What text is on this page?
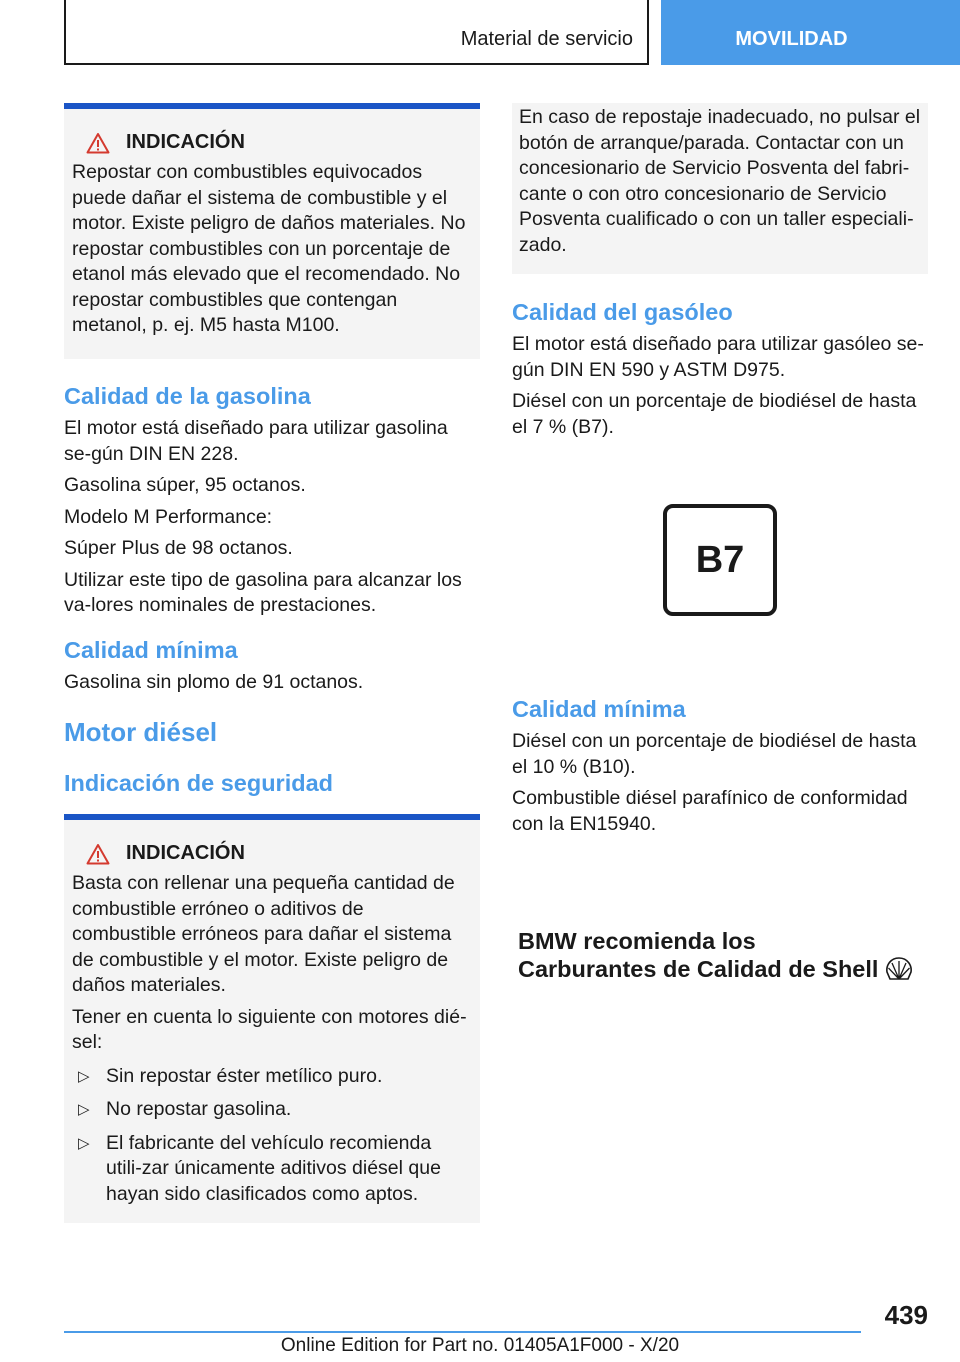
Material de servicio	MOVILIDAD
INDICACIÓN

Repostar con combustibles equivocados puede dañar el sistema de combustible y el motor. Existe peligro de daños materiales. No repostar combustibles con un porcentaje de etanol más elevado que el recomendado. No repostar combustibles que contengan metanol, p. ej. M5 hasta M100.

Calidad de la gasolina

El motor está diseñado para utilizar gasolina se-gún DIN EN 228.

Gasolina súper, 95 octanos.

Modelo M Performance:

Súper Plus de 98 octanos.

Utilizar este tipo de gasolina para alcanzar los va-lores nominales de prestaciones.

Calidad mínima

Gasolina sin plomo de 91 octanos.

Motor diésel
Indicación de seguridad
INDICACIÓN

Basta con rellenar una pequeña cantidad de combustible erróneo o aditivos de combustible erróneos para dañar el sistema de combustible y el motor. Existe peligro de daños materiales.

Tener en cuenta lo siguiente con motores dié-sel:

▷ Sin repostar éster metílico puro.
▷ No repostar gasolina.
▷ El fabricante del vehículo recomienda utili-zar únicamente aditivos diésel que hayan sido clasificados como aptos.

En caso de repostaje inadecuado, no pulsar el botón de arranque/parada. Contactar con un concesionario de Servicio Posventa del fabri-cante o con otro concesionario de Servicio Posventa cualificado o con un taller especiali-zado.

Calidad del gasóleo

El motor está diseñado para utilizar gasóleo se-gún DIN EN 590 y ASTM D975.

Diésel con un porcentaje de biodiésel de hasta el 7 % (B7).

B7
Calidad mínima

Diésel con un porcentaje de biodiésel de hasta el 10 % (B10).

Combustible diésel parafínico de conformidad con la EN15940.

BMW recomienda los
Carburantes de Calidad de Shell
439
Online Edition for Part no. 01405A1F000 - X/20
